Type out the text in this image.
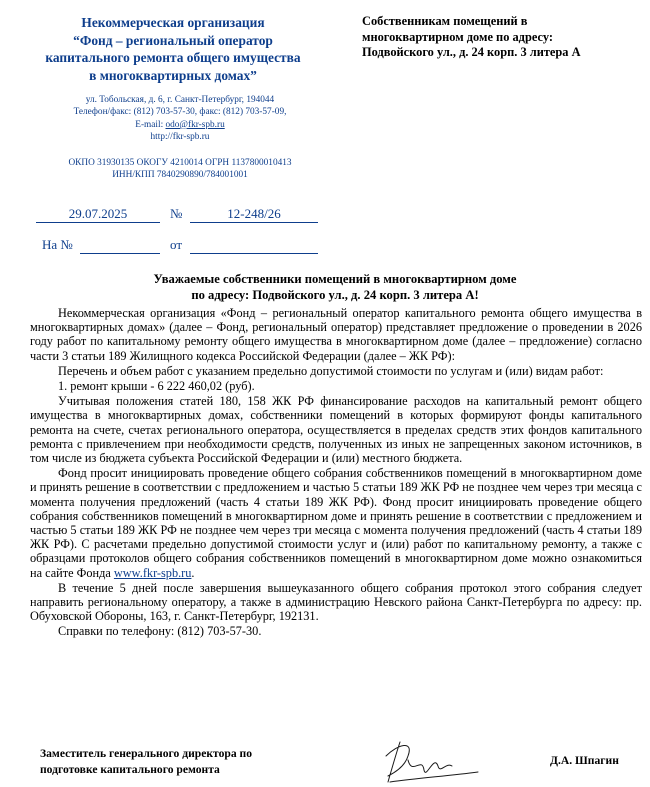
Некоммерческая организация
“Фонд – региональный оператор
капитального ремонта общего имущества
в многоквартирных домах”
ул. Тобольская, д. 6, г. Санкт-Петербург, 194044
Телефон/факс: (812) 703-57-30, факс: (812) 703-57-09,
E-mail: odo@fkr-spb.ru
http://fkr-spb.ru
ОКПО 31930135 ОКОГУ 4210014 ОГРН 1137800010413
ИНН/КПП 7840290890/784001001
Собственникам помещений в
многоквартирном доме по адресу:
Подвойского ул., д. 24 корп. 3 литера А
29.07.2025	№	12-248/26
На №	от
Уважаемые собственники помещений в многоквартирном доме
по адресу: Подвойского ул., д. 24 корп. 3 литера А!

Некоммерческая организация «Фонд – региональный оператор капитального ремонта общего имущества в многоквартирных домах» (далее – Фонд, региональный оператор) представляет предложение о проведении в 2026 году работ по капитальному ремонту общего имущества в многоквартирном доме (далее – предложение) согласно части 3 статьи 189 Жилищного кодекса Российской Федерации (далее – ЖК РФ):

Перечень и объем работ с указанием предельно допустимой стоимости по услугам и (или) видам работ:

1. ремонт крыши - 6 222 460,02 (руб).

Учитывая положения статей 180, 158 ЖК РФ финансирование расходов на капитальный ремонт общего имущества в многоквартирных домах, собственники помещений в которых формируют фонды капитального ремонта на счете, счетах регионального оператора, осуществляется в пределах средств этих фондов капитального ремонта с привлечением при необходимости средств, полученных из иных не запрещенных законом источников, в том числе из бюджета субъекта Российской Федерации и (или) местного бюджета.

Фонд просит инициировать проведение общего собрания собственников помещений в многоквартирном доме и принять решение в соответствии с предложением и частью 5 статьи 189 ЖК РФ не позднее чем через три месяца с момента получения предложений (часть 4 статьи 189 ЖК РФ). Фонд просит инициировать проведение общего собрания собственников помещений в многоквартирном доме и принять решение в соответствии с предложением и частью 5 статьи 189 ЖК РФ не позднее чем через три месяца с момента получения предложений (часть 4 статьи 189 ЖК РФ). С расчетами предельно допустимой стоимости услуг и (или) работ по капитальному ремонту, а также с образцами протоколов общего собрания собственников помещений в многоквартирном доме можно ознакомиться на сайте Фонда www.fkr-spb.ru.

В течение 5 дней после завершения вышеуказанного общего собрания протокол этого собрания следует направить региональному оператору, а также в администрацию Невского района Санкт-Петербурга по адресу: пр. Обуховской Обороны, 163, г. Санкт-Петербург, 192131.

Справки по телефону: (812) 703-57-30.

Заместитель генерального директора по
подготовке капитального ремонта
Д.А. Шпагин
